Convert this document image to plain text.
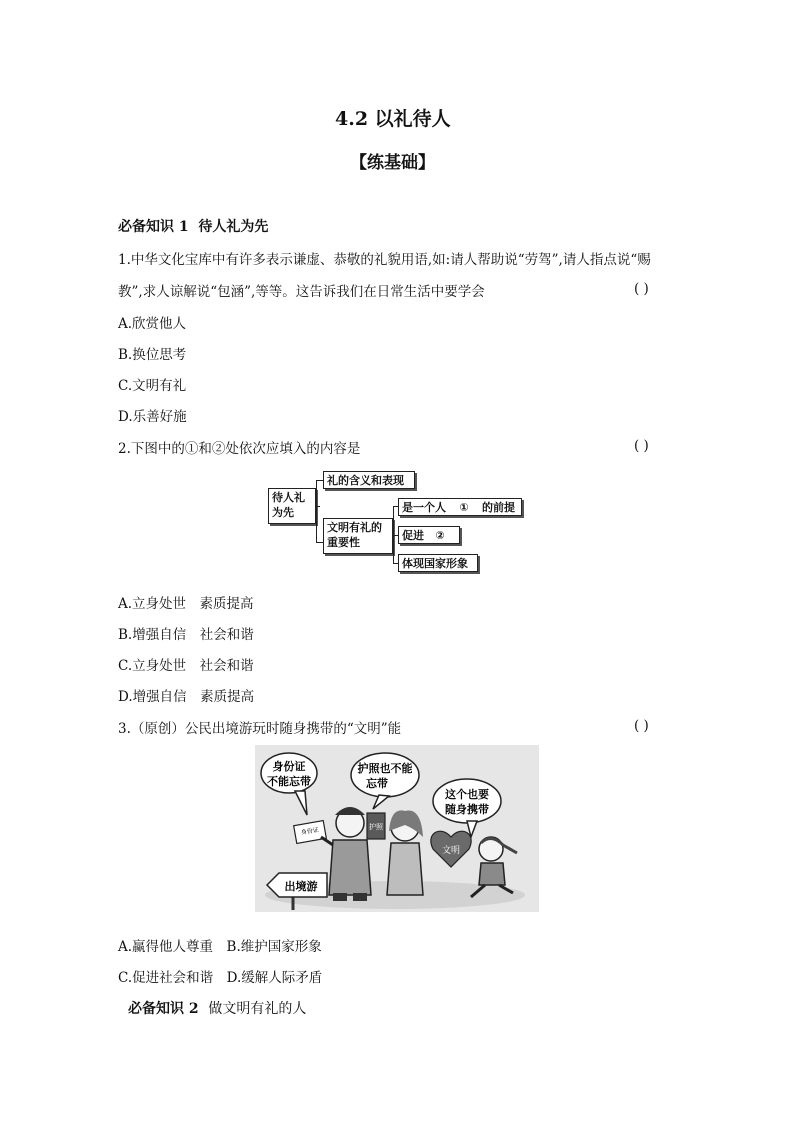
4.2 以礼待人
【练基础】
必备知识 1 待人礼为先
1.中华文化宝库中有许多表示谦虚、恭敬的礼貌用语,如:请人帮助说“劳驾”,请人指点说“赐
教”,求人谅解说“包涵”,等等。这告诉我们在日常生活中要学会	( )
A.欣赏他人
B.换位思考
C.文明有礼
D.乐善好施
2.下图中的①和②处依次应填入的内容是	( )
待人礼为先
礼的含义和表现
文明有礼的重要性
是一个人 ① 的前提
促进 ②
体现国家形象
A.立身处世　素质提高
B.增强自信　社会和谐
C.立身处世　社会和谐
D.增强自信　素质提高
3.（原创）公民出境游玩时随身携带的“文明”能	( )
身份证
不能忘带
护照也不能
忘带
这个也要
随身携带
出境游
身份证	护照
文明
A.赢得他人尊重　B.维护国家形象
C.促进社会和谐　D.缓解人际矛盾
必备知识 2 做文明有礼的人
